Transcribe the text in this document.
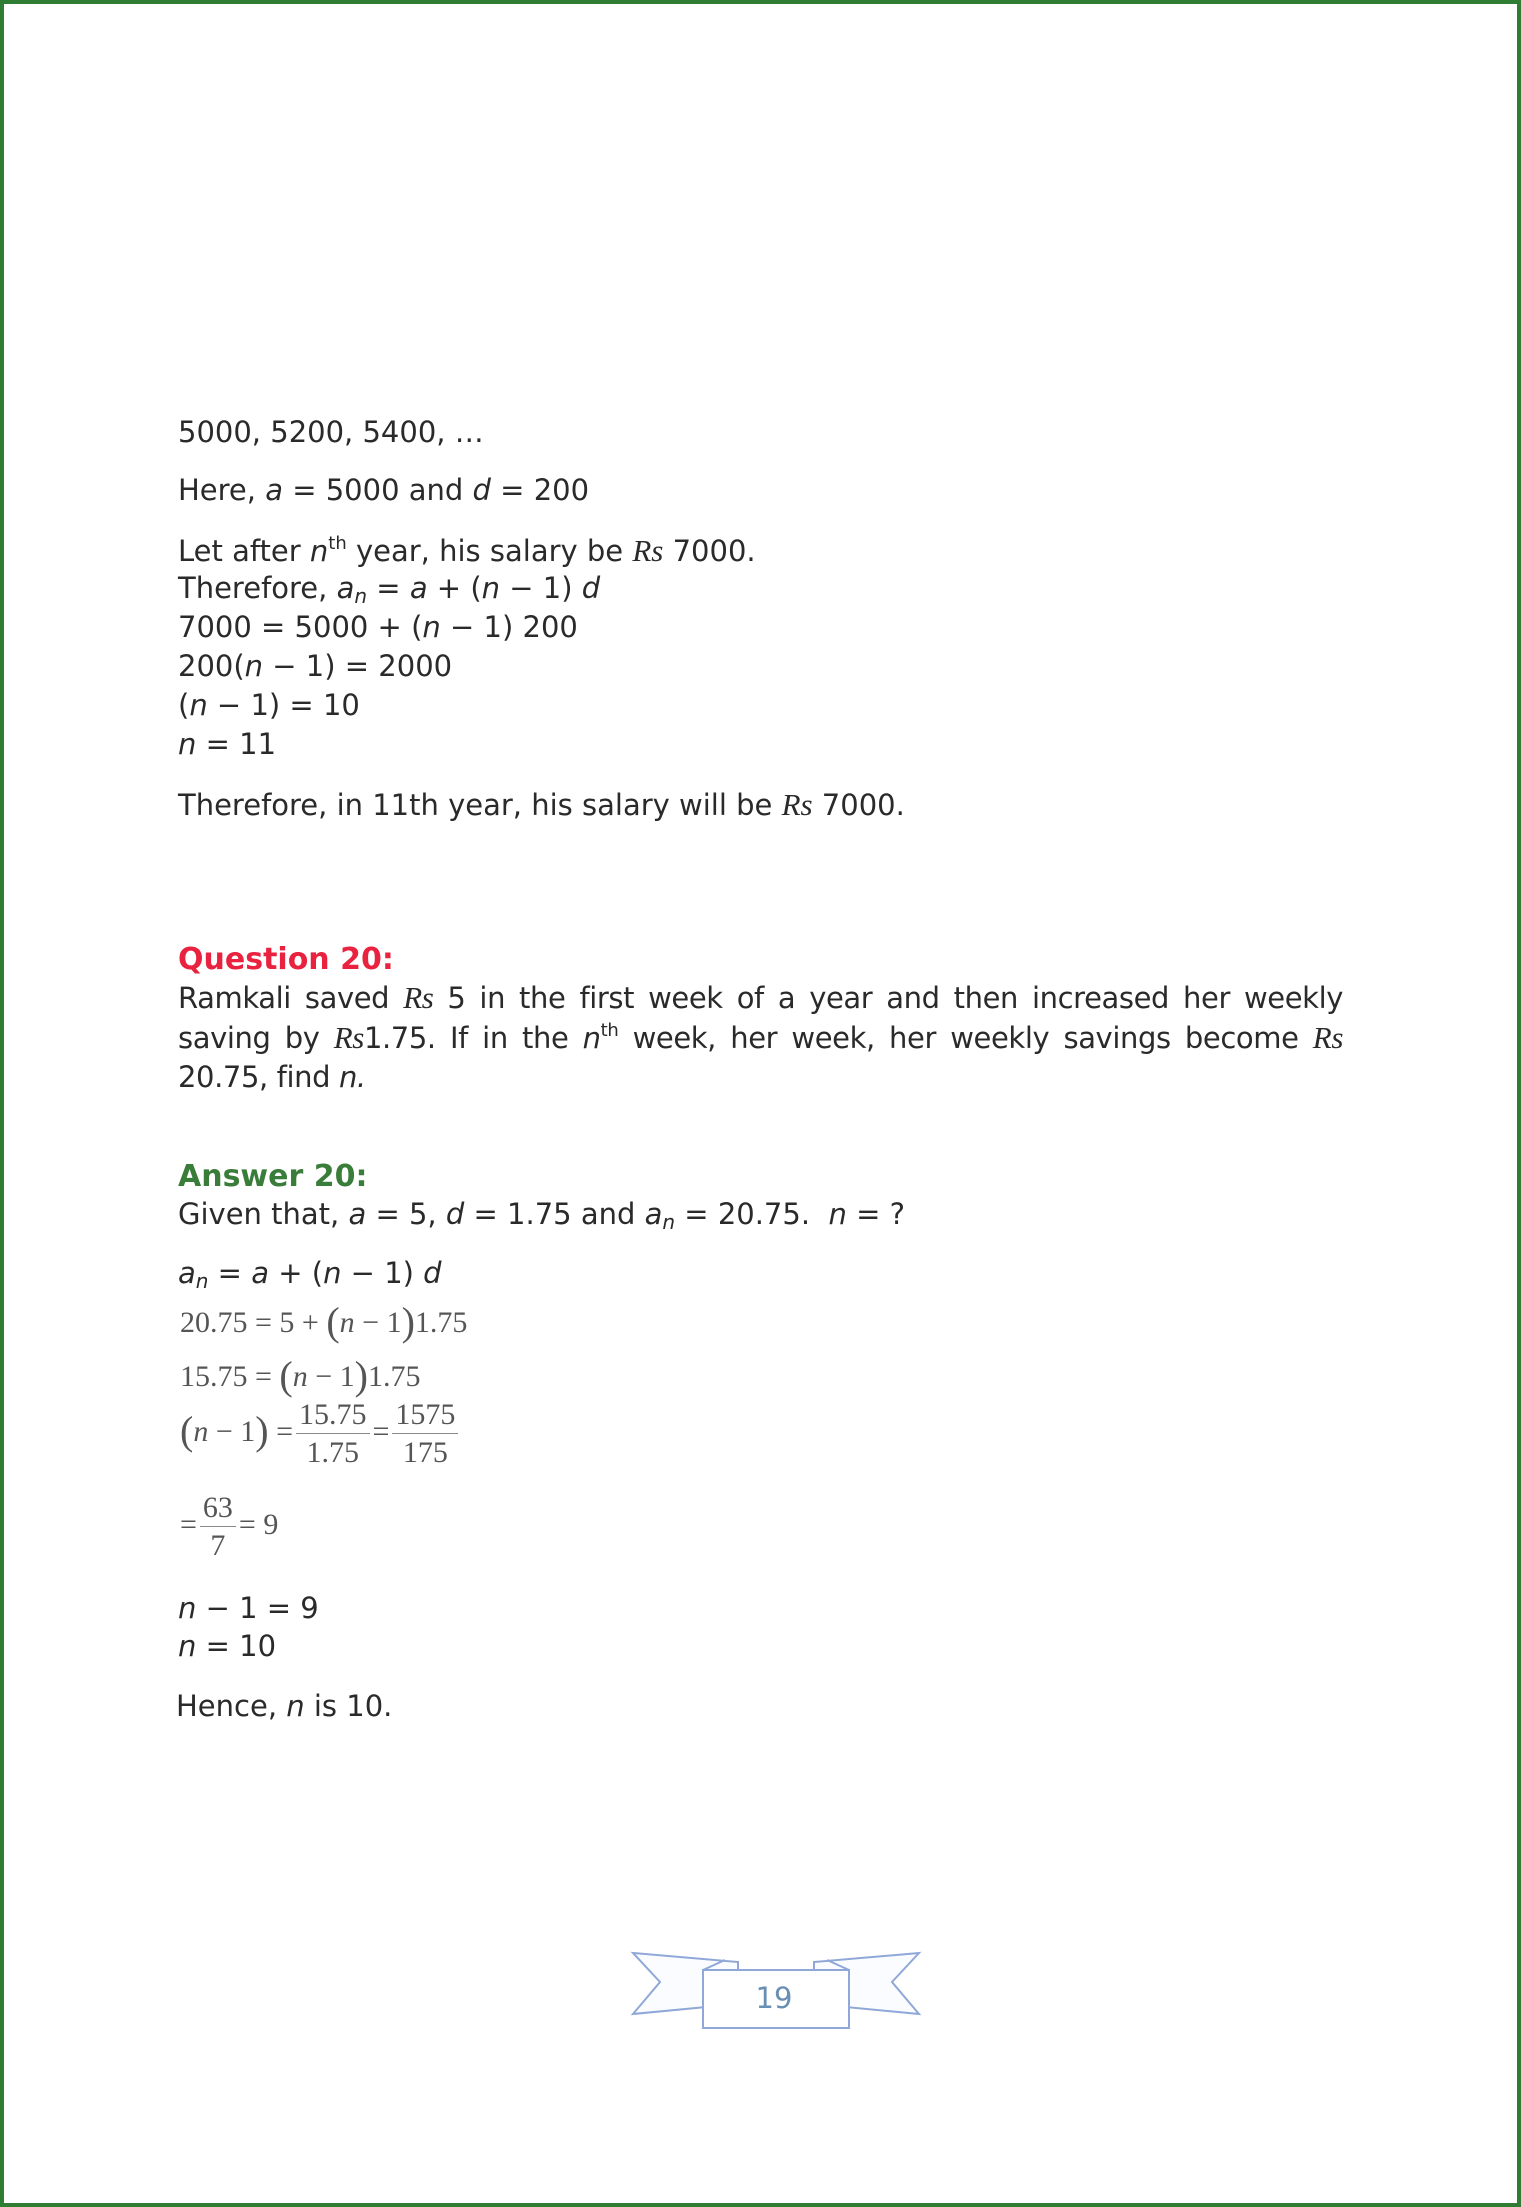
5000, 5200, 5400, …
Here, a = 5000 and d = 200
Let after $n^{th}$ year, his salary be Rs 7000.
Therefore, $a_n = a + (n - 1)$ d
7000 = 5000 + (n − 1) 200
200(n − 1) = 2000
(n − 1) = 10
n = 11
Therefore, in 11th year, his salary will be Rs 7000.
Question 20:
Ramkali saved Rs 5 in the first week of a year and then increased her weekly saving by Rs1.75. If in the $n^{th}$ week, her week, her weekly savings become Rs 20.75, find n.
Answer 20:
Given that, a = 5, d = 1.75 and $a_n = 20.75$.  n = ?
$a_n = a + (n - 1)$ d
20.75 = 5 + (n − 1)1.75
15.75 = (n − 1)1.75
$(n - 1) = \frac{15.75}{1.75} = \frac{1575}{175}$
= $\frac{63}{7} = 9$
n − 1 = 9
n = 10
Hence, n is 10.
19
